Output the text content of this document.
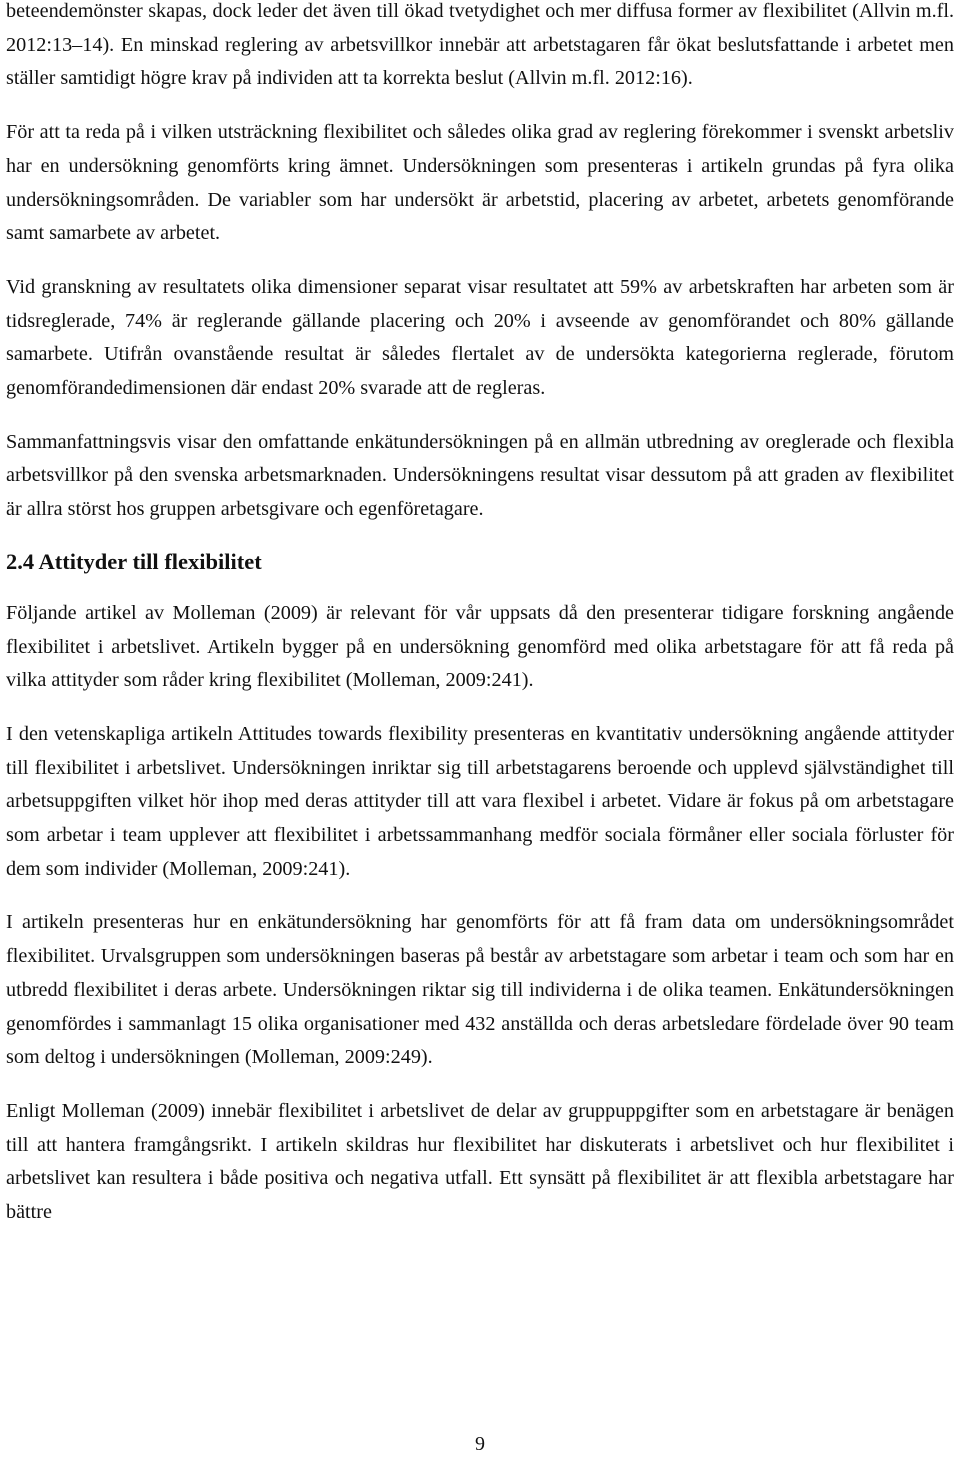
beteendemönster skapas, dock leder det även till ökad tvetydighet och mer diffusa former av flexibilitet (Allvin m.fl. 2012:13–14). En minskad reglering av arbetsvillkor innebär att arbetstagaren får ökat beslutsfattande i arbetet men ställer samtidigt högre krav på individen att ta korrekta beslut (Allvin m.fl. 2012:16).

För att ta reda på i vilken utsträckning flexibilitet och således olika grad av reglering förekommer i svenskt arbetsliv har en undersökning genomförts kring ämnet. Undersökningen som presenteras i artikeln grundas på fyra olika undersökningsområden. De variabler som har undersökt är arbetstid, placering av arbetet, arbetets genomförande samt samarbete av arbetet.

Vid granskning av resultatets olika dimensioner separat visar resultatet att 59% av arbetskraften har arbeten som är tidsreglerade, 74% är reglerande gällande placering och 20% i avseende av genomförandet och 80% gällande samarbete. Utifrån ovanstående resultat är således flertalet av de undersökta kategorierna reglerade, förutom genomförandedimensionen där endast 20% svarade att de regleras.

Sammanfattningsvis visar den omfattande enkätundersökningen på en allmän utbredning av oreglerade och flexibla arbetsvillkor på den svenska arbetsmarknaden. Undersökningens resultat visar dessutom på att graden av flexibilitet är allra störst hos gruppen arbetsgivare och egenföretagare.

2.4 Attityder till flexibilitet

Följande artikel av Molleman (2009) är relevant för vår uppsats då den presenterar tidigare forskning angående flexibilitet i arbetslivet. Artikeln bygger på en undersökning genomförd med olika arbetstagare för att få reda på vilka attityder som råder kring flexibilitet (Molleman, 2009:241).

I den vetenskapliga artikeln Attitudes towards flexibility presenteras en kvantitativ undersökning angående attityder till flexibilitet i arbetslivet. Undersökningen inriktar sig till arbetstagarens beroende och upplevd självständighet till arbetsuppgiften vilket hör ihop med deras attityder till att vara flexibel i arbetet. Vidare är fokus på om arbetstagare som arbetar i team upplever att flexibilitet i arbetssammanhang medför sociala förmåner eller sociala förluster för dem som individer (Molleman, 2009:241).

I artikeln presenteras hur en enkätundersökning har genomförts för att få fram data om undersökningsområdet flexibilitet. Urvalsgruppen som undersökningen baseras på består av arbetstagare som arbetar i team och som har en utbredd flexibilitet i deras arbete. Undersökningen riktar sig till individerna i de olika teamen. Enkätundersökningen genomfördes i sammanlagt 15 olika organisationer med 432 anställda och deras arbetsledare fördelade över 90 team som deltog i undersökningen (Molleman, 2009:249).

Enligt Molleman (2009) innebär flexibilitet i arbetslivet de delar av gruppuppgifter som en arbetstagare är benägen till att hantera framgångsrikt. I artikeln skildras hur flexibilitet har diskuterats i arbetslivet och hur flexibilitet i arbetslivet kan resultera i både positiva och negativa utfall. Ett synsätt på flexibilitet är att flexibla arbetstagare har bättre

9
